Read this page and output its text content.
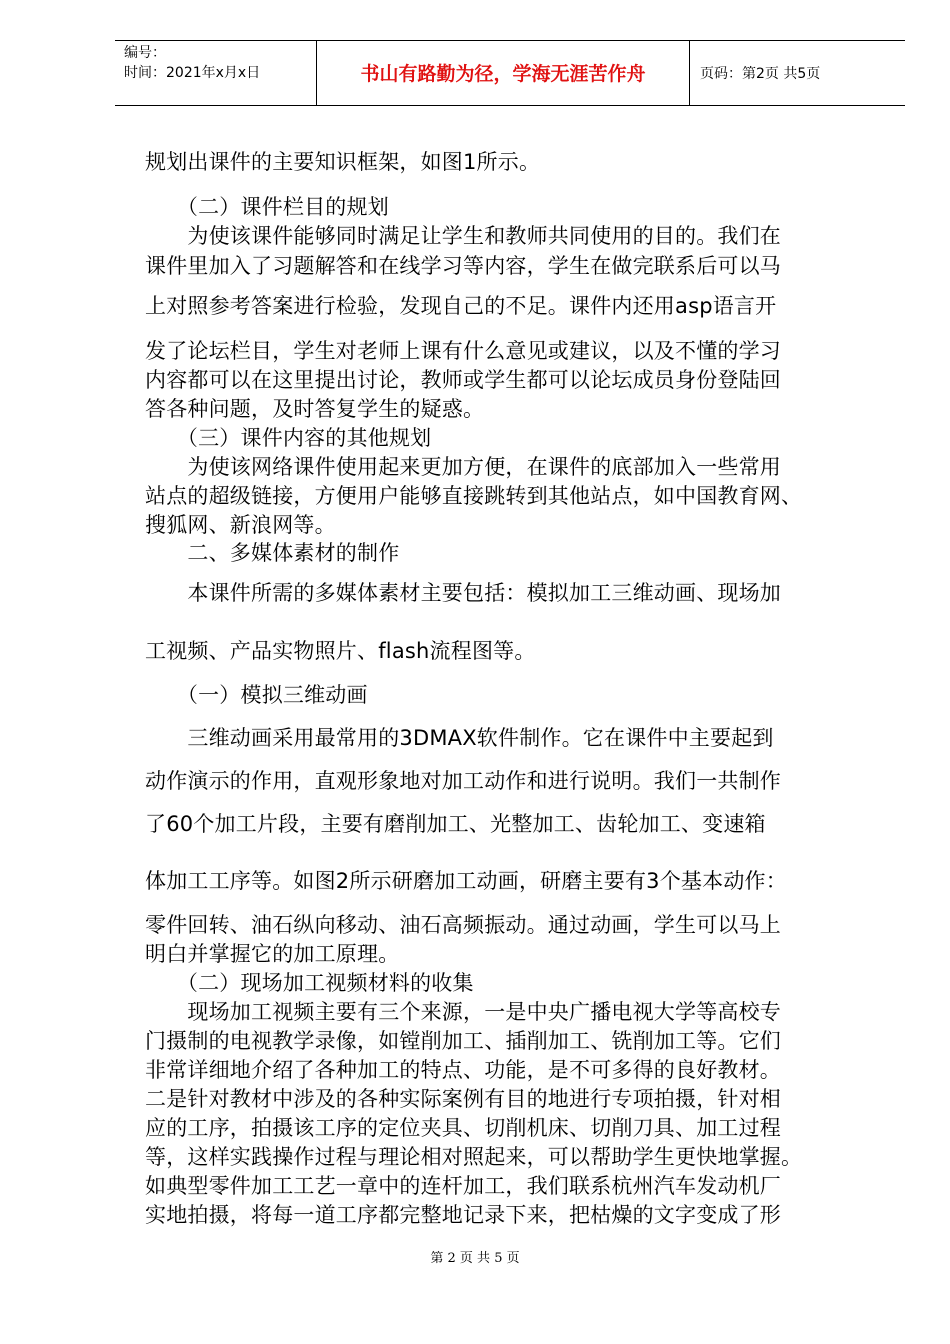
编号：
时间：2021年x月x日	书山有路勤为径，学海无涯苦作舟	页码：第2页 共5页
规划出课件的主要知识框架，如图1所示。
　　（二）课件栏目的规划
　　为使该课件能够同时满足让学生和教师共同使用的目的。我们在
课件里加入了习题解答和在线学习等内容，学生在做完联系后可以马
上对照参考答案进行检验，发现自己的不足。课件内还用asp语言开
发了论坛栏目，学生对老师上课有什么意见或建议，以及不懂的学习
内容都可以在这里提出讨论，教师或学生都可以论坛成员身份登陆回
答各种问题，及时答复学生的疑惑。
　　（三）课件内容的其他规划
　　为使该网络课件使用起来更加方便，在课件的底部加入一些常用
站点的超级链接，方便用户能够直接跳转到其他站点，如中国教育网、
搜狐网、新浪网等。
　　二、多媒体素材的制作
　　本课件所需的多媒体素材主要包括：模拟加工三维动画、现场加
工视频、产品实物照片、flash流程图等。
　　（一）模拟三维动画
　　三维动画采用最常用的3DMAX软件制作。它在课件中主要起到
动作演示的作用，直观形象地对加工动作和进行说明。我们一共制作
了60个加工片段，主要有磨削加工、光整加工、齿轮加工、变速箱
体加工工序等。如图2所示研磨加工动画，研磨主要有3个基本动作：
零件回转、油石纵向移动、油石高频振动。通过动画，学生可以马上
明白并掌握它的加工原理。
　　（二）现场加工视频材料的收集
　　现场加工视频主要有三个来源，一是中央广播电视大学等高校专
门摄制的电视教学录像，如镗削加工、插削加工、铣削加工等。它们
非常详细地介绍了各种加工的特点、功能，是不可多得的良好教材。
二是针对教材中涉及的各种实际案例有目的地进行专项拍摄，针对相
应的工序，拍摄该工序的定位夹具、切削机床、切削刀具、加工过程
等，这样实践操作过程与理论相对照起来，可以帮助学生更快地掌握。
如典型零件加工工艺一章中的连杆加工，我们联系杭州汽车发动机厂
实地拍摄，将每一道工序都完整地记录下来，把枯燥的文字变成了形
第 2 页 共 5 页
